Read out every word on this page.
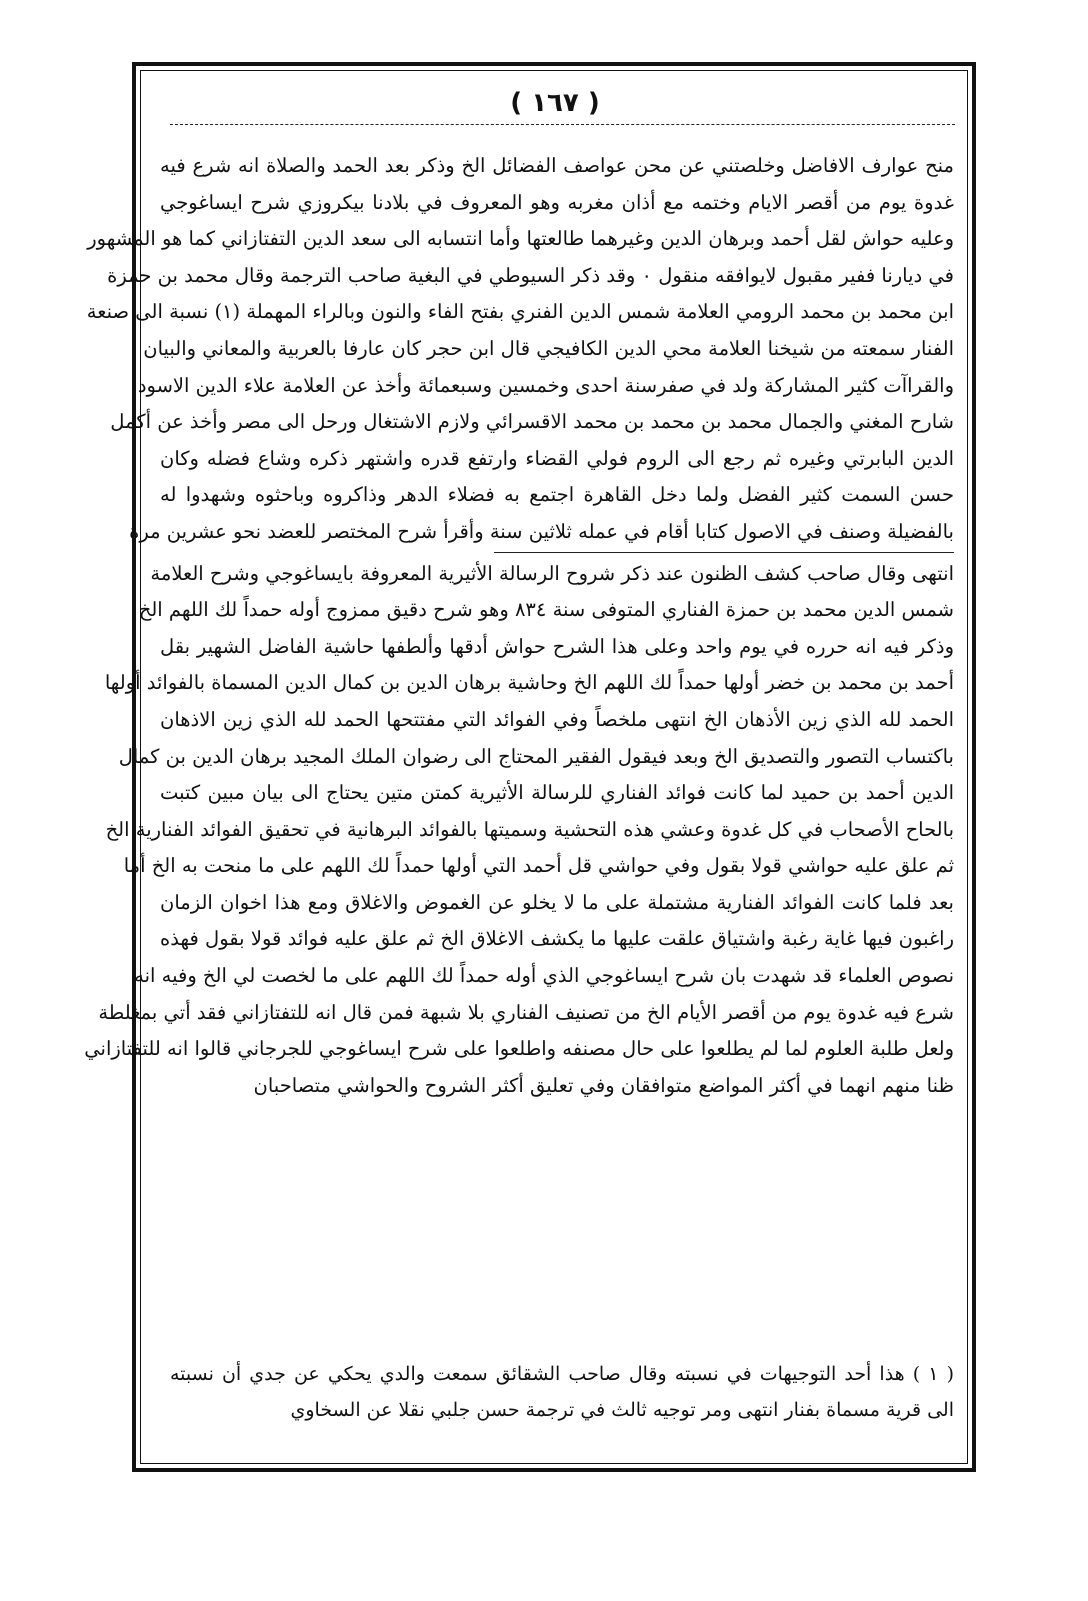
( ١٦٧ )
منح عوارف الافاضل وخلصتني عن محن عواصف الفضائل الخ وذكر بعد الحمد والصلاة انه شرع فيه
غدوة يوم من أقصر الايام وختمه مع أذان مغربه وهو المعروف في بلادنا بيكروزي شرح ايساغوجي
وعليه حواش لقل أحمد وبرهان الدين وغيرهما طالعتها وأما انتسابه الى سعد الدين التفتازاني كما هو المشهور
في ديارنا ففير مقبول لايوافقه منقول ٠ وقد ذكر السيوطي في البغية صاحب الترجمة وقال محمد بن حمزة
ابن محمد بن محمد الرومي العلامة شمس الدين الفنري بفتح الفاء والنون وبالراء المهملة (١) نسبة الى صنعة
الفنار سمعته من شيخنا العلامة محي الدين الكافيجي قال ابن حجر كان عارفا بالعربية والمعاني والبيان
والقراآت كثير المشاركة ولد في صفرسنة احدى وخمسين وسبعمائة وأخذ عن العلامة علاء الدين الاسود
شارح المغني والجمال محمد بن محمد بن محمد الاقسرائي ولازم الاشتغال ورحل الى مصر وأخذ عن أكمل
الدين البابرتي وغيره ثم رجع الى الروم فولي القضاء وارتفع قدره واشتهر ذكره وشاع فضله وكان
حسن السمت كثير الفضل ولما دخل القاهرة اجتمع به فضلاء الدهر وذاكروه وباحثوه وشهدوا له
بالفضيلة وصنف في الاصول كتابا أقام في عمله ثلاثين سنة وأقرأ شرح المختصر للعضد نحو عشرين مرة
انتهى وقال صاحب كشف الظنون عند ذكر شروح الرسالة الأثيرية المعروفة بايساغوجي وشرح العلامة
شمس الدين محمد بن حمزة الفناري المتوفى سنة ٨٣٤ وهو شرح دقيق ممزوج أوله حمداً لك اللهم الخ
وذكر فيه انه حرره في يوم واحد وعلى هذا الشرح حواش أدقها وألطفها حاشية الفاضل الشهير بقل
أحمد بن محمد بن خضر أولها حمداً لك اللهم الخ وحاشية برهان الدين بن كمال الدين المسماة بالفوائد أولها
الحمد لله الذي زين الأذهان الخ انتهى ملخصاً وفي الفوائد التي مفتتحها الحمد لله الذي زين الاذهان
باكتساب التصور والتصديق الخ وبعد فيقول الفقير المحتاج الى رضوان الملك المجيد برهان الدين بن كمال
الدين أحمد بن حميد لما كانت فوائد الفناري للرسالة الأثيرية كمتن متين يحتاج الى بيان مبين كتبت
بالحاح الأصحاب في كل غدوة وعشي هذه التحشية وسميتها بالفوائد البرهانية في تحقيق الفوائد الفنارية الخ
ثم علق عليه حواشي قولا بقول وفي حواشي قل أحمد التي أولها حمداً لك اللهم على ما منحت به الخ أما
بعد فلما كانت الفوائد الفنارية مشتملة على ما لا يخلو عن الغموض والاغلاق ومع هذا اخوان الزمان
راغبون فيها غاية رغبة واشتياق علقت عليها ما يكشف الاغلاق الخ ثم علق عليه فوائد قولا بقول فهذه
نصوص العلماء قد شهدت بان شرح ايساغوجي الذي أوله حمداً لك اللهم على ما لخصت لي الخ وفيه انه
شرع فيه غدوة يوم من أقصر الأيام الخ من تصنيف الفناري بلا شبهة فمن قال انه للتفتازاني فقد أتي بمغلطة
ولعل طلبة العلوم لما لم يطلعوا على حال مصنفه واطلعوا على شرح ايساغوجي للجرجاني قالوا انه للتفتازاني
ظنا منهم انهما في أكثر المواضع متوافقان وفي تعليق أكثر الشروح والحواشي متصاحبان
( ١ ) هذا أحد التوجيهات في نسبته وقال صاحب الشقائق سمعت والدي يحكي عن جدي أن نسبته
الى قرية مسماة بفنار انتهى ومر توجيه ثالث في ترجمة حسن جلبي نقلا عن السخاوي
